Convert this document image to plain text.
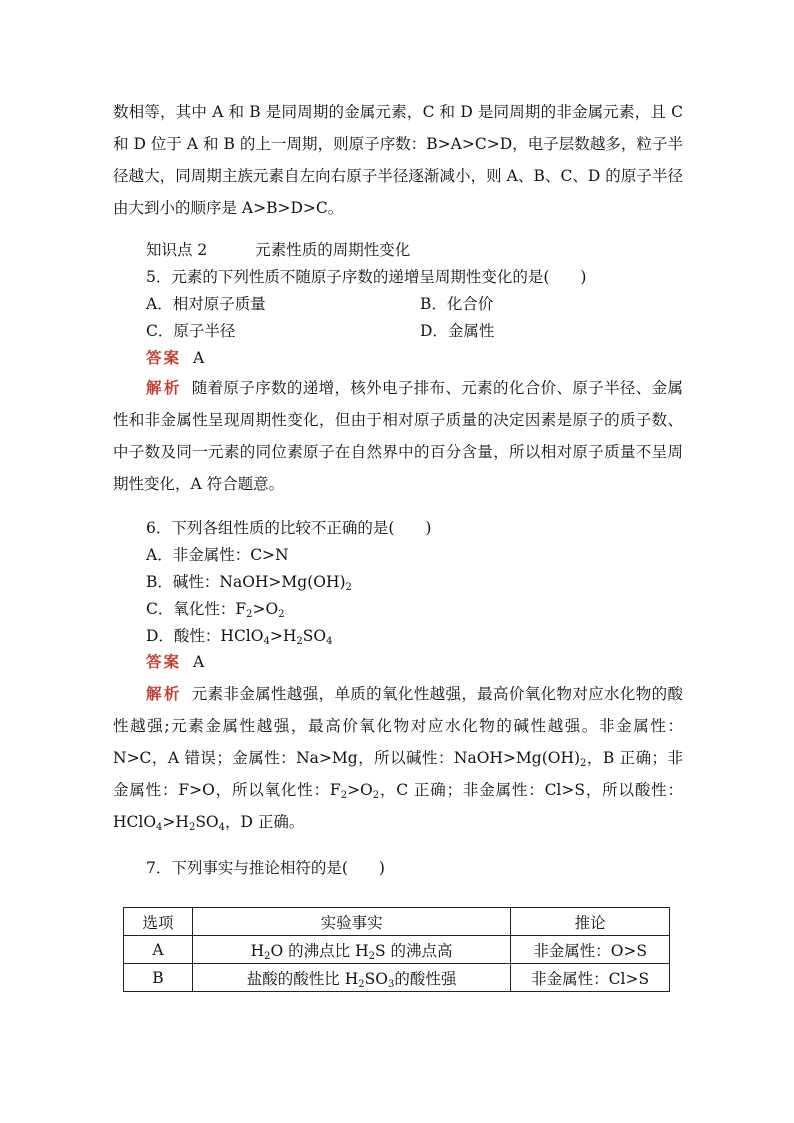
数相等，其中 A 和 B 是同周期的金属元素，C 和 D 是同周期的非金属元素，且 C 和 D 位于 A 和 B 的上一周期，则原子序数：B>A>C>D，电子层数越多，粒子半径越大，同周期主族元素自左向右原子半径逐渐减小，则 A、B、C、D 的原子半径由大到小的顺序是 A>B>D>C。

知识点 2	元素性质的周期性变化
5．元素的下列性质不随原子序数的递增呈周期性变化的是(　　)
A．相对原子质量	B．化合价
C．原子半径	D．金属性
答案 A

解析 随着原子序数的递增，核外电子排布、元素的化合价、原子半径、金属性和非金属性呈现周期性变化，但由于相对原子质量的决定因素是原子的质子数、中子数及同一元素的同位素原子在自然界中的百分含量，所以相对原子质量不呈周期性变化，A 符合题意。

6．下列各组性质的比较不正确的是(　　)
A．非金属性：C>N
B．碱性：$NaOH>Mg(OH)_2$
C．氧化性：$F_2>O_2$
D．酸性：$HClO_4>H_2SO_4$
答案 A

解析 元素非金属性越强，单质的氧化性越强，最高价氧化物对应水化物的酸性越强;元素金属性越强，最高价氧化物对应水化物的碱性越强。非金属性：N>C，A 错误；金属性：Na>Mg，所以碱性：$NaOH>Mg(OH)_2$，B 正确；非金属性：F>O，所以氧化性：$F_2>O_2$，C 正确；非金属性：Cl>S，所以酸性：$HClO_4>H_2SO_4$，D 正确。

7．下列事实与推论相符的是(　　)
选项	实验事实	推论
A	$H_2O$ 的沸点比 $H_2S$ 的沸点高	非金属性：O>S
B	盐酸的酸性比 $H_2SO_3$的酸性强	非金属性：Cl>S
